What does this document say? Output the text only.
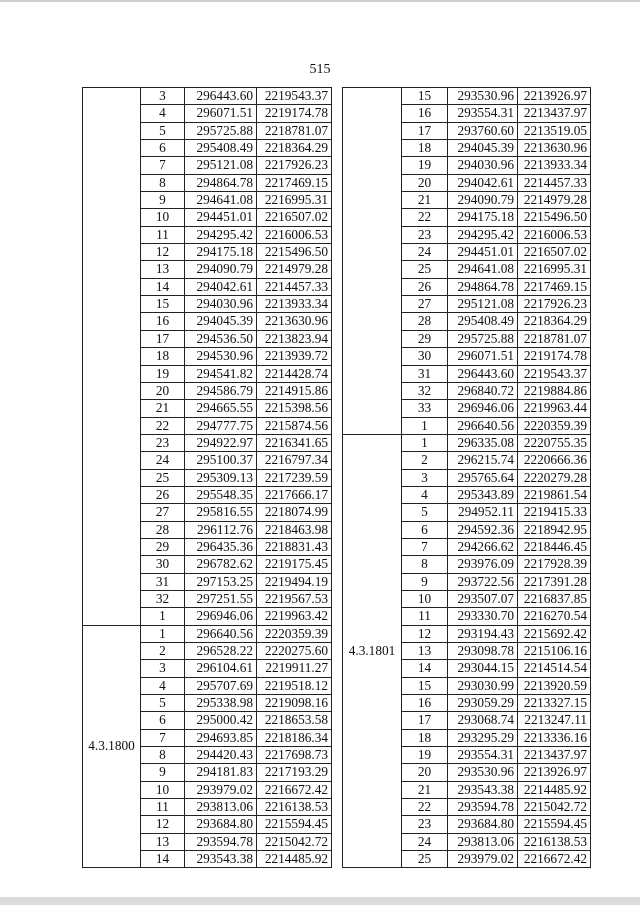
515
	3	296443.60	2219543.37
	4	296071.51	2219174.78
	5	295725.88	2218781.07
	6	295408.49	2218364.29
	7	295121.08	2217926.23
	8	294864.78	2217469.15
	9	294641.08	2216995.31
	10	294451.01	2216507.02
	11	294295.42	2216006.53
	12	294175.18	2215496.50
	13	294090.79	2214979.28
	14	294042.61	2214457.33
	15	294030.96	2213933.34
	16	294045.39	2213630.96
	17	294536.50	2213823.94
	18	294530.96	2213939.72
	19	294541.82	2214428.74
	20	294586.79	2214915.86
	21	294665.55	2215398.56
	22	294777.75	2215874.56
	23	294922.97	2216341.65
	24	295100.37	2216797.34
	25	295309.13	2217239.59
	26	295548.35	2217666.17
	27	295816.55	2218074.99
	28	296112.76	2218463.98
	29	296435.36	2218831.43
	30	296782.62	2219175.45
	31	297153.25	2219494.19
	32	297251.55	2219567.53
	1	296946.06	2219963.42
4.3.1800	1	296640.56	2220359.39
	2	296528.22	2220275.60
	3	296104.61	2219911.27
	4	295707.69	2219518.12
	5	295338.98	2219098.16
	6	295000.42	2218653.58
	7	294693.85	2218186.34
	8	294420.43	2217698.73
	9	294181.83	2217193.29
	10	293979.02	2216672.42
	11	293813.06	2216138.53
	12	293684.80	2215594.45
	13	293594.78	2215042.72
	14	293543.38	2214485.92
	15	293530.96	2213926.97
	16	293554.31	2213437.97
	17	293760.60	2213519.05
	18	294045.39	2213630.96
	19	294030.96	2213933.34
	20	294042.61	2214457.33
	21	294090.79	2214979.28
	22	294175.18	2215496.50
	23	294295.42	2216006.53
	24	294451.01	2216507.02
	25	294641.08	2216995.31
	26	294864.78	2217469.15
	27	295121.08	2217926.23
	28	295408.49	2218364.29
	29	295725.88	2218781.07
	30	296071.51	2219174.78
	31	296443.60	2219543.37
	32	296840.72	2219884.86
	33	296946.06	2219963.44
	1	296640.56	2220359.39
4.3.1801	1	296335.08	2220755.35
	2	296215.74	2220666.36
	3	295765.64	2220279.28
	4	295343.89	2219861.54
	5	294952.11	2219415.33
	6	294592.36	2218942.95
	7	294266.62	2218446.45
	8	293976.09	2217928.39
	9	293722.56	2217391.28
	10	293507.07	2216837.85
	11	293330.70	2216270.54
	12	293194.43	2215692.42
	13	293098.78	2215106.16
	14	293044.15	2214514.54
	15	293030.99	2213920.59
	16	293059.29	2213327.15
	17	293068.74	2213247.11
	18	293295.29	2213336.16
	19	293554.31	2213437.97
	20	293530.96	2213926.97
	21	293543.38	2214485.92
	22	293594.78	2215042.72
	23	293684.80	2215594.45
	24	293813.06	2216138.53
	25	293979.02	2216672.42
